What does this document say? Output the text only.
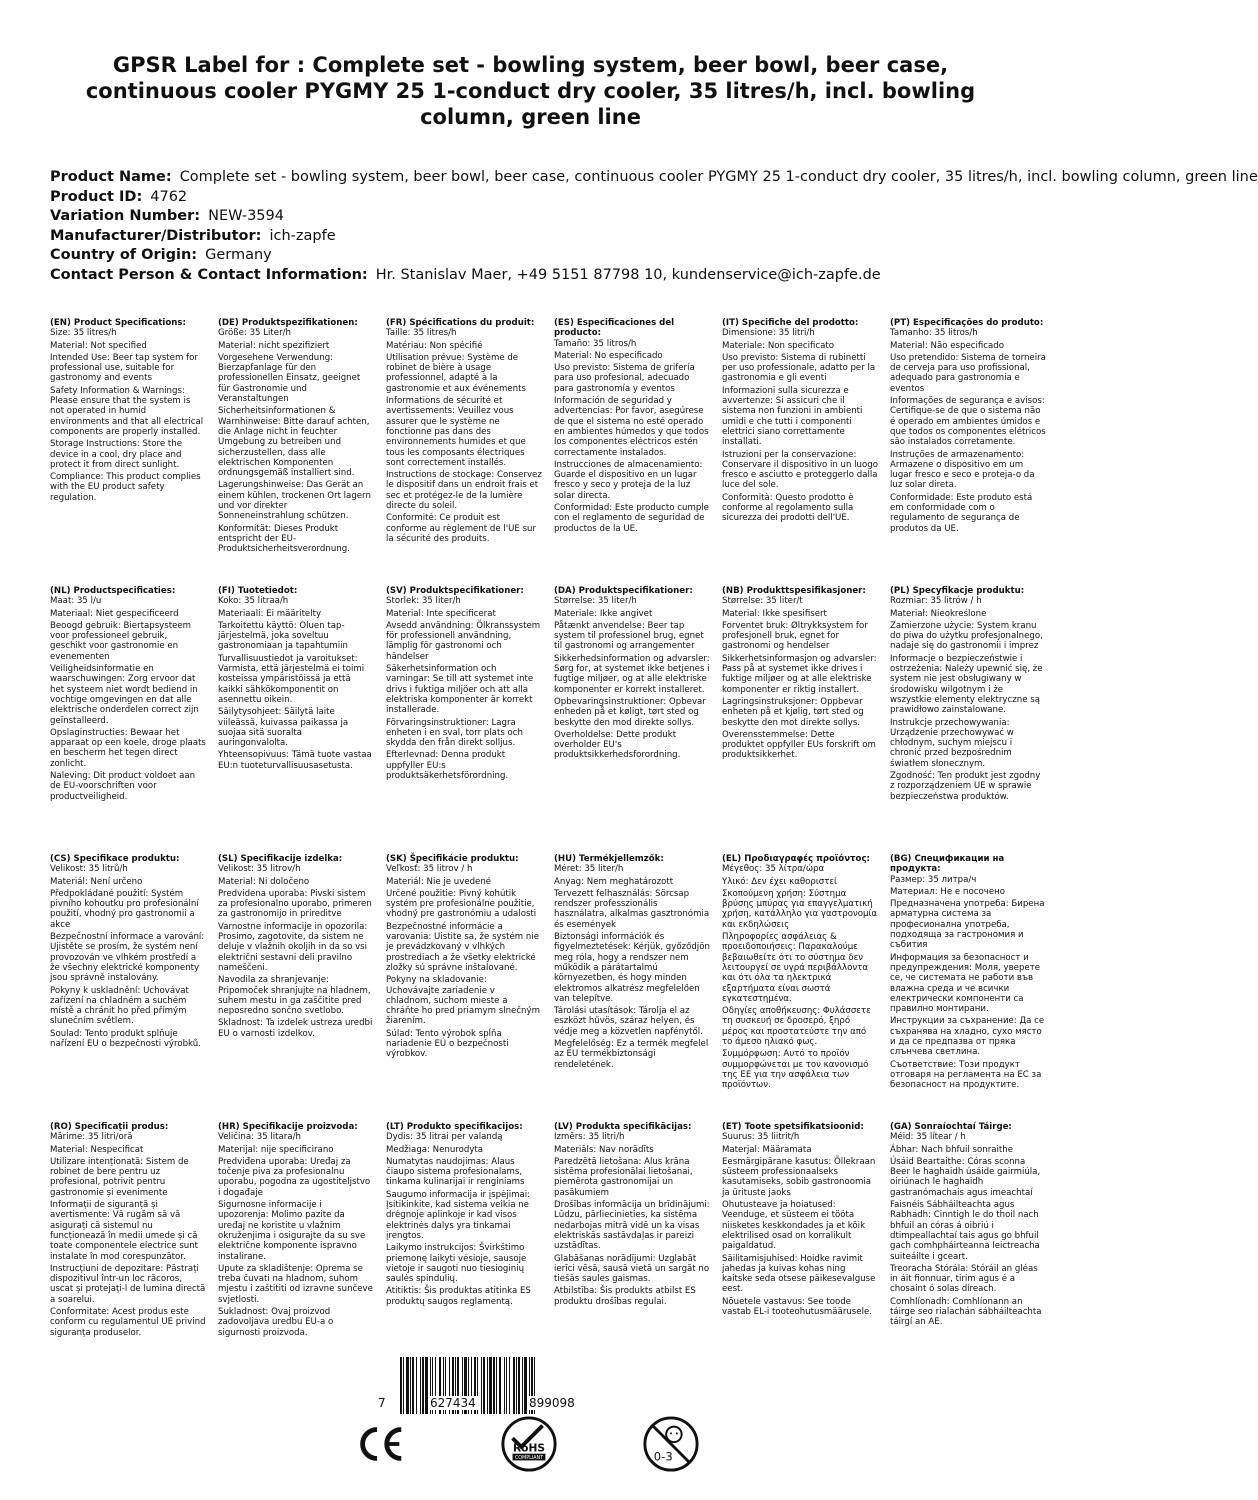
GPSR Label for : Complete set - bowling system, beer bowl, beer case, continuous cooler PYGMY 25 1-conduct dry cooler, 35 litres/h, incl. bowling column, green line
Product Name: Complete set - bowling system, beer bowl, beer case, continuous cooler PYGMY 25 1-conduct dry cooler, 35 litres/h, incl. bowling column, green line
Product ID: 4762
Variation Number: NEW-3594
Manufacturer/Distributor: ich-zapfe
Country of Origin: Germany
Contact Person & Contact Information: Hr. Stanislav Maer, +49 5151 87798 10, kundenservice@ich-zapfe.de
(EN) Product Specifications:

Size: 35 litres/h

Material: Not specified

Intended Use: Beer tap system for professional use, suitable for gastronomy and events

Safety Information & Warnings: Please ensure that the system is not operated in humid environments and that all electrical components are properly installed.

Storage Instructions: Store the device in a cool, dry place and protect it from direct sunlight.

Compliance: This product complies with the EU product safety regulation.

(DE) Produktspezifikationen:

Größe: 35 Liter/h

Material: nicht spezifiziert

Vorgesehene Verwendung: Bierzapfanlage für den professionellen Einsatz, geeignet für Gastronomie und Veranstaltungen

Sicherheitsinformationen & Warnhinweise: Bitte darauf achten, die Anlage nicht in feuchter Umgebung zu betreiben und sicherzustellen, dass alle elektrischen Komponenten ordnungsgemäß installiert sind.

Lagerungshinweise: Das Gerät an einem kühlen, trockenen Ort lagern und vor direkter Sonneneinstrahlung schützen.

Konformität: Dieses Produkt entspricht der EU-Produktsicherheitsverordnung.

(FR) Spécifications du produit:

Taille: 35 litres/h

Matériau: Non spécifié

Utilisation prévue: Système de robinet de bière à usage professionnel, adapté à la gastronomie et aux événements

Informations de sécurité et avertissements: Veuillez vous assurer que le système ne fonctionne pas dans des environnements humides et que tous les composants électriques sont correctement installés.

Instructions de stockage: Conservez le dispositif dans un endroit frais et sec et protégez-le de la lumière directe du soleil.

Conformité: Ce produit est conforme au règlement de l'UE sur la sécurité des produits.

(ES) Especificaciones del producto:

Tamaño: 35 litros/h

Material: No especificado

Uso previsto: Sistema de grifería para uso profesional, adecuado para gastronomía y eventos

Información de seguridad y advertencias: Por favor, asegúrese de que el sistema no esté operado en ambientes húmedos y que todos los componentes eléctricos estén correctamente instalados.

Instrucciones de almacenamiento: Guarde el dispositivo en un lugar fresco y seco y proteja de la luz solar directa.

Conformidad: Este producto cumple con el reglamento de seguridad de productos de la UE.

(IT) Specifiche del prodotto:

Dimensione: 35 litri/h

Materiale: Non specificato

Uso previsto: Sistema di rubinetti per uso professionale, adatto per la gastronomia e gli eventi

Informazioni sulla sicurezza e avvertenze: Si assicuri che il sistema non funzioni in ambienti umidi e che tutti i componenti elettrici siano correttamente installati.

Istruzioni per la conservazione: Conservare il dispositivo in un luogo fresco e asciutto e proteggerlo dalla luce del sole.

Conformità: Questo prodotto è conforme al regolamento sulla sicurezza dei prodotti dell'UE.

(PT) Especificações do produto:

Tamanho: 35 litros/h

Material: Não especificado

Uso pretendido: Sistema de torneira de cerveja para uso profissional, adequado para gastronomia e eventos

Informações de segurança e avisos: Certifique-se de que o sistema não é operado em ambientes úmidos e que todos os componentes elétricos são instalados corretamente.

Instruções de armazenamento: Armazene o dispositivo em um lugar fresco e seco e proteja-o da luz solar direta.

Conformidade: Este produto está em conformidade com o regulamento de segurança de produtos da UE.

(NL) Productspecificaties:

Maat: 35 l/u

Materiaal: Niet gespecificeerd

Beoogd gebruik: Biertapsysteem voor professioneel gebruik, geschikt voor gastronomie en evenementen

Veiligheidsinformatie en waarschuwingen: Zorg ervoor dat het systeem niet wordt bediend in vochtige omgevingen en dat alle elektrische onderdelen correct zijn geïnstalleerd.

Opslaginstructies: Bewaar het apparaat op een koele, droge plaats en bescherm het tegen direct zonlicht.

Naleving: Dit product voldoet aan de EU-voorschriften voor productveiligheid.

(FI) Tuotetiedot:

Koko: 35 litraa/h

Materiaali: Ei määritelty

Tarkoitettu käyttö: Oluen tap-järjestelmä, joka soveltuu gastronomiaan ja tapahtumiin

Turvallisuustiedot ja varoitukset: Varmista, että järjestelmä ei toimi kosteissa ympäristöissä ja että kaikki sähkökomponentit on asennettu oikein.

Säilytysohjeet: Säilytä laite viileässä, kuivassa paikassa ja suojaa sitä suoralta auringonvalolta.

Yhteensopivuus: Tämä tuote vastaa EU:n tuoteturvallisuusasetusta.

(SV) Produktspecifikationer:

Storlek: 35 liter/h

Material: Inte specificerat

Avsedd användning: Ölkranssystem för professionell användning, lämplig för gastronomi och händelser

Säkerhetsinformation och varningar: Se till att systemet inte drivs i fuktiga miljöer och att alla elektriska komponenter är korrekt installerade.

Förvaringsinstruktioner: Lagra enheten i en sval, torr plats och skydda den från direkt solljus.

Efterlevnad: Denna produkt uppfyller EU:s produktsäkerhetsförordning.

(DA) Produktspecifikationer:

Størrelse: 35 liter/h

Materiale: Ikke angivet

Påtænkt anvendelse: Beer tap system til professionel brug, egnet til gastronomi og arrangementer

Sikkerhedsinformation og advarsler: Sørg for, at systemet ikke betjenes i fugtige miljøer, og at alle elektriske komponenter er korrekt installeret.

Opbevaringsinstruktioner: Opbevar enheden på et køligt, tørt sted og beskytte den mod direkte sollys.

Overholdelse: Dette produkt overholder EU's produktsikkerhedsforordning.

(NB) Produkttspesifikasjoner:

Størrelse: 35 liter/t

Material: Ikke spesifisert

Forventet bruk: Øltrykksystem for profesjonell bruk, egnet for gastronomi og hendelser

Sikkerhetsinformasjon og advarsler: Pass på at systemet ikke drives i fuktige miljøer og at alle elektriske komponenter er riktig installert.

Lagringsinstruksjoner: Oppbevar enheten på et kjølig, tørt sted og beskytte den mot direkte sollys.

Overensstemmelse: Dette produktet oppfyller EUs forskrift om produktsikkerhet.

(PL) Specyfikacje produktu:

Rozmiar: 35 litrów / h

Materiał: Nieokreślone

Zamierzone użycie: System kranu do piwa do użytku profesjonalnego, nadaje się do gastronomii i imprez

Informacje o bezpieczeństwie i ostrzeżenia: Należy upewnić się, że system nie jest obsługiwany w środowisku wilgotnym i że wszystkie elementy elektryczne są prawidłowo zainstalowane.

Instrukcje przechowywania: Urządzenie przechowywać w chłodnym, suchym miejscu i chronić przed bezpośrednim światłem słonecznym.

Zgodność: Ten produkt jest zgodny z rozporządzeniem UE w sprawie bezpieczeństwa produktów.

(CS) Specifikace produktu:

Velikost: 35 litrů/h

Materiál: Není určeno

Předpokládané použití: Systém pivního kohoutku pro profesionální použití, vhodný pro gastronomii a akce

Bezpečnostní informace a varování: Ujistěte se prosím, že systém není provozován ve vlhkém prostředí a že všechny elektrické komponenty jsou správně instalovány.

Pokyny k uskladnění: Uchovávat zařízení na chladném a suchém místě a chránit ho před přímým slunečním světlem.

Soulad: Tento produkt splňuje nařízení EU o bezpečnosti výrobků.

(SL) Specifikacije izdelka:

Velikost: 35 litrov/h

Material: Ni določeno

Predvidena uporaba: Pivski sistem za profesionalno uporabo, primeren za gastronomijo in prireditve

Varnostne informacije in opozorila: Prosimo, zagotovite, da sistem ne deluje v vlažnih okoljih in da so vsi električni sestavni deli pravilno nameščeni.

Navodila za shranjevanje: Pripomoček shranjujte na hladnem, suhem mestu in ga zaščitite pred neposredno sončno svetlobo.

Skladnost: Ta izdelek ustreza uredbi EU o varnosti izdelkov.

(SK) Špecifikácie produktu:

Veľkosť: 35 litrov / h

Materiál: Nie je uvedené

Určené použitie: Pivný kohútik systém pre profesionálne použitie, vhodný pre gastronómiu a udalosti

Bezpečnostné informácie a varovania: Uistite sa, že systém nie je prevádzkovaný v vlhkých prostrediach a že všetky elektrické zložky sú správne inštalované.

Pokyny na skladovanie: Uchovávajte zariadenie v chladnom, suchom mieste a chráňte ho pred priamym slnečným žiarením.

Súlad: Tento výrobok spĺňa nariadenie EÚ o bezpečnosti výrobkov.

(HU) Termékjellemzők:

Méret: 35 liter/h

Anyag: Nem meghatározott

Tervezett felhasználás: Sörcsap rendszer professzionális használatra, alkalmas gasztronómia és események

Biztonsági információk és figyelmeztetések: Kérjük, győződjön meg róla, hogy a rendszer nem működik a párátartalmú környezetben, és hogy minden elektromos alkatrész megfelelően van telepítve.

Tárolási utasítások: Tárolja el az eszközt hűvös, száraz helyen, és védje meg a közvetlen napfénytől.

Megfelelőség: Ez a termék megfelel az EU termékbiztonsági rendeletének.

(EL) Προδιαγραφές προϊόντος:

Μέγεθος: 35 λίτρα/ώρα

Υλικό: Δεν έχει καθοριστεί

Σκοπούμενη χρήση: Σύστημα βρύσης μπύρας για επαγγελματική χρήση, κατάλληλο για γαστρονομία και εκδηλώσεις

Πληροφορίες ασφάλειας & προειδοποιήσεις: Παρακαλούμε βεβαιωθείτε ότι το σύστημα δεν λειτουργεί σε υγρά περιβάλλοντα και ότι όλα τα ηλεκτρικά εξαρτήματα είναι σωστά εγκατεστημένα.

Οδηγίες αποθήκευσης: Φυλάσσετε τη συσκευή σε δροσερό, ξηρό μέρος και προστατεύστε την από το άμεσο ηλιακό φως.

Συμμόρφωση: Αυτό το προϊόν συμμορφώνεται με τον κανονισμό της ΕΕ για την ασφάλεια των προϊόντων.

(BG) Спецификации на продукта:

Размер: 35 литра/ч

Материал: Не е посочено

Предназначена употреба: Бирена арматурна система за професионална употреба, подходяща за гастрономия и събития

Информация за безопасност и предупреждения: Моля, уверете се, че системата не работи във влажна среда и че всички електрически компоненти са правилно монтирани.

Инструкции за съхранение: Да се съхранява на хладно, сухо място и да се предпазва от пряка слънчева светлина.

Съответствие: Този продукт отговаря на регламента на ЕС за безопасност на продуктите.

(RO) Specificații produs:

Mărime: 35 litri/oră

Material: Nespecificat

Utilizare intenționată: Sistem de robinet de bere pentru uz profesional, potrivit pentru gastronomie și evenimente

Informații de siguranță și avertismente: Vă rugăm să vă asigurați că sistemul nu funcționează în medii umede și că toate componentele electrice sunt instalate în mod corespunzător.

Instrucțiuni de depozitare: Păstrați dispozitivul într-un loc răcoros, uscat și protejați-l de lumina directă a soarelui.

Conformitate: Acest produs este conform cu regulamentul UE privind siguranța produselor.

(HR) Specifikacije proizvoda:

Veličina: 35 litara/h

Materijal: nije specificirano

Predviđena uporaba: Uređaj za točenje piva za profesionalnu uporabu, pogodna za ugostiteljstvo i događaje

Sigurnosne informacije i upozorenja: Molimo pazite da uređaj ne koristite u vlažnim okruženjima i osigurajte da su sve električne komponente ispravno instalirane.

Upute za skladištenje: Oprema se treba čuvati na hladnom, suhom mjestu i zaštititi od izravne sunčeve svjetlosti.

Sukladnost: Ovaj proizvod zadovoljava uredbu EU-a o sigurnosti proizvoda.

(LT) Produkto specifikacijos:

Dydis: 35 litrai per valandą

Medžiaga: Nenurodyta

Numatytas naudojimas: Alaus čiaupo sistema profesionalams, tinkama kulinarijai ir renginiams

Saugumo informacija ir įspėjimai: Įsitikinkite, kad sistema veikia ne drėgnoje aplinkoje ir kad visos elektrinės dalys yra tinkamai įrengtos.

Laikymo instrukcijos: Švirkštimo priemonę laikyti vėsioje, sausoje vietoje ir saugoti nuo tiesioginių saulės spindulių.

Atitiktis: Šis produktas atitinka ES produktų saugos reglamentą.

(LV) Produkta specifikācijas:

Izmērs: 35 litri/h

Materiāls: Nav norādīts

Paredzētā lietošana: Alus krāna sistēma profesionālai lietošanai, piemērota gastronomijai un pasākumiem

Drošības informācija un brīdinājumi: Lūdzu, pārliecinieties, ka sistēma nedarbojas mitrā vidē un ka visas elektriskās sastāvdaļas ir pareizi uzstādītas.

Glabāšanas norādījumi: Uzglabāt ierīci vēsā, sausā vietā un sargāt no tiešās saules gaismas.

Atbilstība: Šis produkts atbilst ES produktu drošības regulai.

(ET) Toote spetsifikatsioonid:

Suurus: 35 liitrit/h

Materjal: Määramata

Eesmärgipärane kasutus: Õllekraan süsteem professionaalseks kasutamiseks, sobib gastronoomia ja ürituste jaoks

Ohutusteave ja hoiatused: Veenduge, et süsteem ei tööta niisketes keskkondades ja et kõik elektrilised osad on korralikult paigaldatud.

Säilitamisjuhised: Hoidke ravimit jahedas ja kuivas kohas ning kaitske seda otsese päikesevalguse eest.

Nõuetele vastavus: See toode vastab EL-i tooteohutusmäärusele.

(GA) Sonraíochtaí Táirge:

Méid: 35 lítear / h

Ábhar: Nach bhfuil sonraithe

Úsáid Beartaithe: Córas sconna Beer le haghaidh úsáide gairmiúla, oiriúnach le haghaidh gastranómachais agus imeachtaí

Faisnéis Sábháilteachta agus Rabhadh: Cinntigh le do thoil nach bhfuil an córas á oibriú i dtimpeallachtaí tais agus go bhfuil gach comhpháirteanna leictreacha suiteáilte i gceart.

Treoracha Stórála: Stóráil an gléas in áit fionnuar, tirim agus é a chosaint ó solas díreach.

Comhlíonadh: Comhlíonann an táirge seo rialachán sábháilteachta táirgí an AE.

7	627434	899098
RoHS
COMPLIANT	0-3
